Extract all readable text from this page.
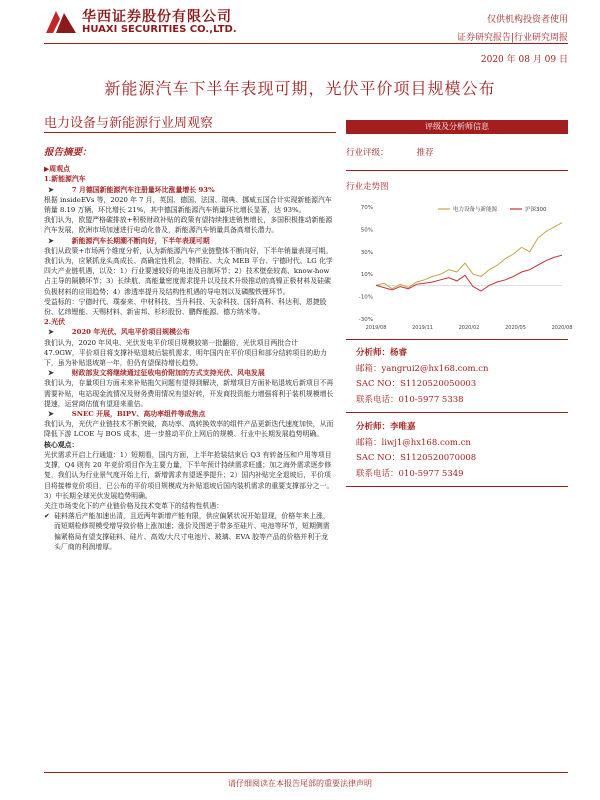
华西证券股份有限公司
HUAXI SECURITIES CO.,LTD.
仅供机构投资者使用
证券研究报告|行业研究周报
2020 年 08 月 09 日
新能源汽车下半年表现可期，光伏平价项目规模公布
电力设备与新能源行业周观察

报告摘要：

▶周观点

1.新能源汽车

➤	7 月德国新能源汽车注册量环比涨量增长 93%

根据 insideEVs 等，2020 年 7 月，英国、德国、法国、瑞典、挪威五国合计实现新能源汽车销量 8.19 万辆，环比增长 21%，其中德国新能源汽车销量环比增长显著，达 93%。

我们认为，欧盟严格碳排放+积极财政补贴的政策有望持续推进销售增长，多国积极推动新能源汽车发展，欧洲市场加速进行电动化普及，新能源汽车销量具备高增长潜力。

➤	新能源汽车长期潮不断向好，下半年表现可期

我们从政策+市场两个维度分析，认为新能源汽车产业链整体不断向好，下半年销量表现可期。

我们认为，应紧抓龙头高成长、高确定性机会，特斯拉、大众 MEB 平台、宁德时代、LG 化学四大产业链机遇，以及：1）行业要速较好的电池及自制环节；2）技术壁垒较高、know-how 占主导的隔膜环节；3）长续航、高能量密度需求提升以及技术升级推动的高镍正极材料及硅碳负极材料的应用趋势；4）渗透率提升及结构性机遇的导电剂以及磷酸铁锂环节。

受益标的：宁德时代、璞泰来、中材科技、当升科技、天奈科技、国轩高科、科达利、恩捷股份、亿纬锂能、天赐材料、新宙邦、杉杉股份、鹏辉能源、德方纳米等。

2.光伏

➤	2020 年光伏、风电平价项目规模公布

我们认为，2020 年风电、光伏发电平价项目规模较第一批翻倍，光伏项目两批合计 47.9GW，平价项目将支撑补贴退坡后装机需求，明年国内在平价项目和部分结转项目的助力下，虽为补贴退坡第一年，但仍有望保持增长趋势。

➤	财政部发文将继续通过征收电价附加的方式支持光伏、风电发展

我们认为，存量项目方面未来补贴拖欠问题有望得到解决，新增项目方面补贴退坡后新项目不再需要补贴，电站现金流情况及财务费用情况有望好转，开发商投资能力增强将利于装机规模增长提速，运营商估值有望迎来重估。

➤	SNEC 开展，BIPV、高功率组件等成焦点

我们认为，光伏产业链技术不断突破，高功率、高转换效率的组件产品更新迭代速度加快，从而降低下游 LCOE 与 BOS 成本，进一步推动平价上网后的规模、行业中长期发展趋势明确。

核心观点：

光伏需求开启上行通道：1）短期看，国内方面，上半年抢装结束后 Q3 有转备压和户用等项目支撑，Q4 则有 20 年竞价项目作为主要力量，下半年预计持续需求旺盛；加之海外需求逐步修复，我们认为行业景气度开始上行，新增需求有望逐季提升；2）国内补贴完全退坡后，平价项目将接棒竞价项目，已公布的平价项目规模成为补贴退坡后国内装机需求的重要支撑部分之一。3）中长期全球光伏发展趋势明确。

关注市场变化下的产业链价格及技术变革下的结构性机遇：

✔  硅料落后产能加速出清，且近两年新增产能有限，供应偏紧状况开始显现，价格年来上涨，而短期检修规模受增导致价格上涨加速；涨价及图逆于带多至硅片、电池等环节，短期侧需偏紧格局有望支撑硅料、硅片、高效/大尺寸电池片、玻璃、EVA 胶等产品的价格并利于龙头厂商的利润增厚。

评级及分析师信息
行业评级：	推荐
行业走势图
70%
50%
30%
10%
-10%
-30%
2019/08	2019/11	2020/02	2020/05	2020/08
电力设备与新能源	沪深300
分析师：杨睿
邮箱：yangrui2@hx168.com.cn
SAC NO：S1120520050003
联系电话：010-5977 5338
分析师：李唯嘉
邮箱：liwj1@hx168.com.cn
SAC NO：S1120520070008
联系电话：010-5977 5349
请仔细阅读在本报告尾部的重要法律声明
